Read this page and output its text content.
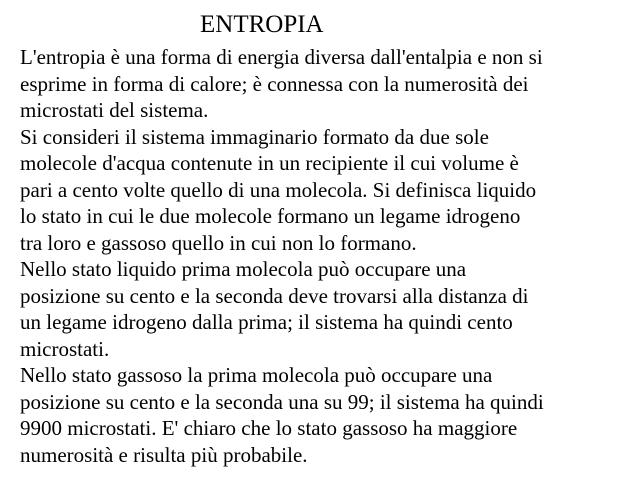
ENTROPIA

L'entropia è una forma di energia diversa dall'entalpia e non si
esprime in forma di calore; è connessa con la numerosità dei
microstati del sistema.

Si consideri il sistema immaginario formato da due sole
molecole d'acqua contenute in un recipiente il cui volume è
pari a cento volte quello di una molecola. Si definisca liquido
lo stato in cui le due molecole formano un legame idrogeno
tra loro e gassoso quello in cui non lo formano.

Nello stato liquido prima molecola può occupare una
posizione su cento e la seconda deve trovarsi alla distanza di
un legame idrogeno dalla prima; il sistema ha quindi cento
microstati.

Nello stato gassoso la prima molecola può occupare una
posizione su cento e la seconda una su 99; il sistema ha quindi
9900 microstati. E' chiaro che lo stato gassoso ha maggiore
numerosità e risulta più probabile.
